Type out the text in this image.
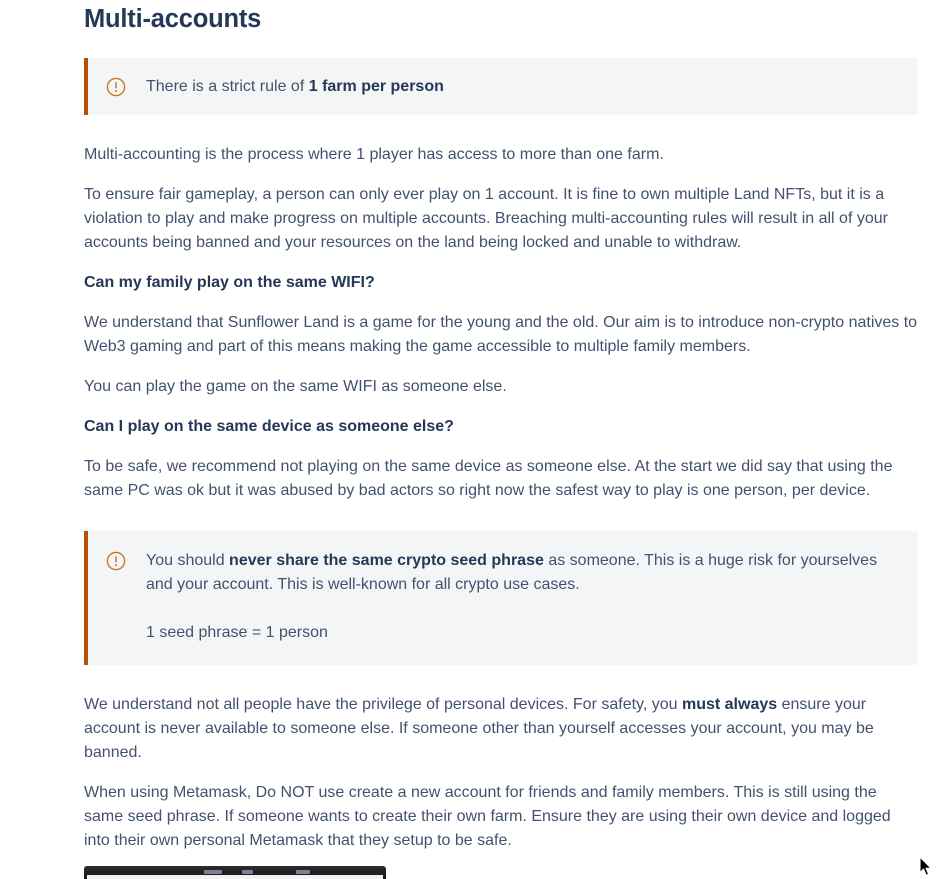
Multi-accounts

There is a strict rule of 1 farm per person

Multi-accounting is the process where 1 player has access to more than one farm.

To ensure fair gameplay, a person can only ever play on 1 account. It is fine to own multiple Land NFTs, but it is a violation to play and make progress on multiple accounts. Breaching multi-accounting rules will result in all of your accounts being banned and your resources on the land being locked and unable to withdraw.

Can my family play on the same WIFI?

We understand that Sunflower Land is a game for the young and the old. Our aim is to introduce non-crypto natives to Web3 gaming and part of this means making the game accessible to multiple family members.

You can play the game on the same WIFI as someone else.

Can I play on the same device as someone else?

To be safe, we recommend not playing on the same device as someone else. At the start we did say that using the same PC was ok but it was abused by bad actors so right now the safest way to play is one person, per device.

You should never share the same crypto seed phrase as someone. This is a huge risk for yourselves and your account. This is well-known for all crypto use cases.

1 seed phrase = 1 person

We understand not all people have the privilege of personal devices. For safety, you must always ensure your account is never available to someone else. If someone other than yourself accesses your account, you may be banned.

When using Metamask, Do NOT use create a new account for friends and family members. This is still using the same seed phrase. If someone wants to create their own farm. Ensure they are using their own device and logged into their own personal Metamask that they setup to be safe.
